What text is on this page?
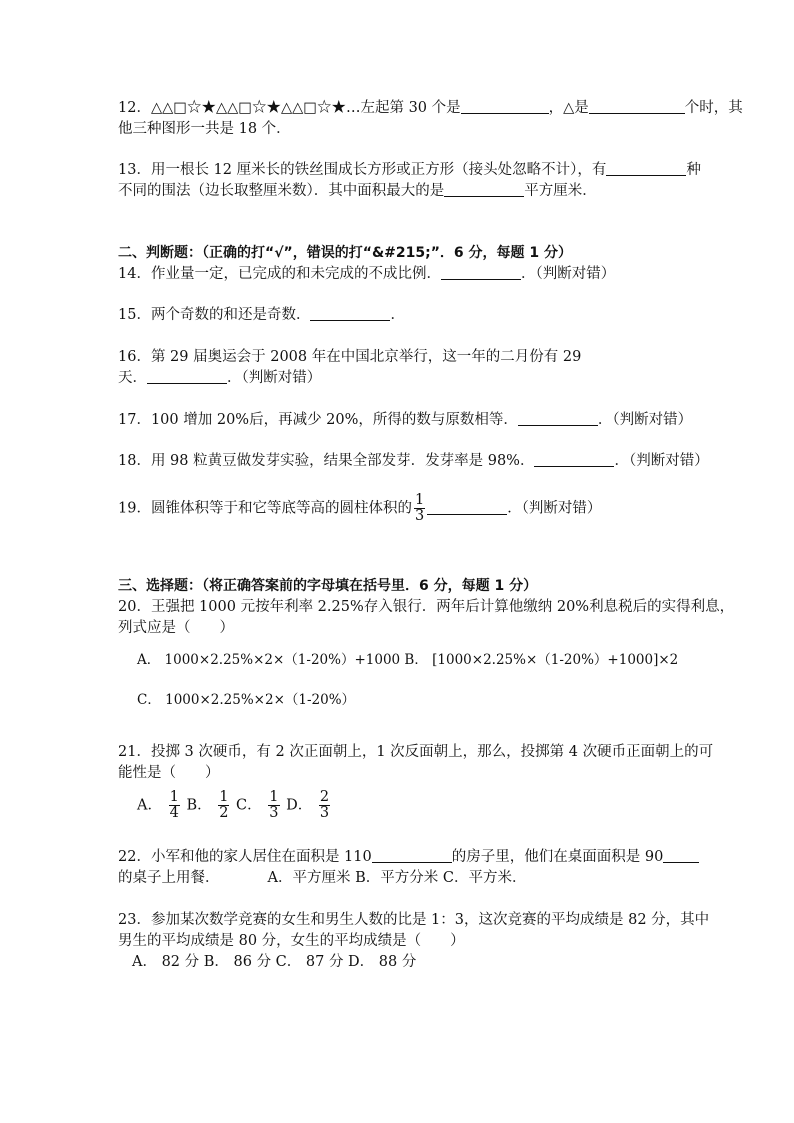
12．△△□☆★△△□☆★△△□☆★…左起第 30 个是	，△是	个时，其
他三种图形一共是 18 个．
13．用一根长 12 厘米长的铁丝围成长方形或正方形（接头处忽略不计），有	种
不同的围法（边长取整厘米数）．其中面积最大的是	平方厘米．
二、判断题：（正确的打“√”，错误的打“&#215;”．6 分，每题 1 分）
14．作业量一定，已完成的和未完成的不成比例．	．（判断对错）
15．两个奇数的和还是奇数．	．
16．第 29 届奥运会于 2008 年在中国北京举行，这一年的二月份有 29
天．	．（判断对错）
17．100 增加 20%后，再减少 20%，所得的数与原数相等．	．（判断对错）
18．用 98 粒黄豆做发芽实验，结果全部发芽．发芽率是 98%．	．（判断对错）
19．圆锥体积等于和它等底等高的圆柱体积的 $\frac{1}{3}$	．（判断对错）
三、选择题：（将正确答案前的字母填在括号里．6 分，每题 1 分）
20．王强把 1000 元按年利率 2.25%存入银行．两年后计算他缴纳 20%利息税后的实得利息，
列式应是（　　）
A． 1000×2.25%×2×（1-20%）+1000 B． [1000×2.25%×（1-20%）+1000]×2
C． 1000×2.25%×2×（1-20%）
21．投掷 3 次硬币，有 2 次正面朝上，1 次反面朝上，那么，投掷第 4 次硬币正面朝上的可
能性是（　　）
A． $\frac{1}{4}$ B． $\frac{1}{2}$ C． $\frac{1}{3}$ D． $\frac{2}{3}$
22．小军和他的家人居住在面积是 110	的房子里，他们在桌面面积是 90
的桌子上用餐．	A．平方厘米 B．平方分米 C．平方米．
23．参加某次数学竞赛的女生和男生人数的比是 1：3，这次竞赛的平均成绩是 82 分，其中
男生的平均成绩是 80 分，女生的平均成绩是（　　）
A． 82 分 B． 86 分 C． 87 分 D． 88 分
